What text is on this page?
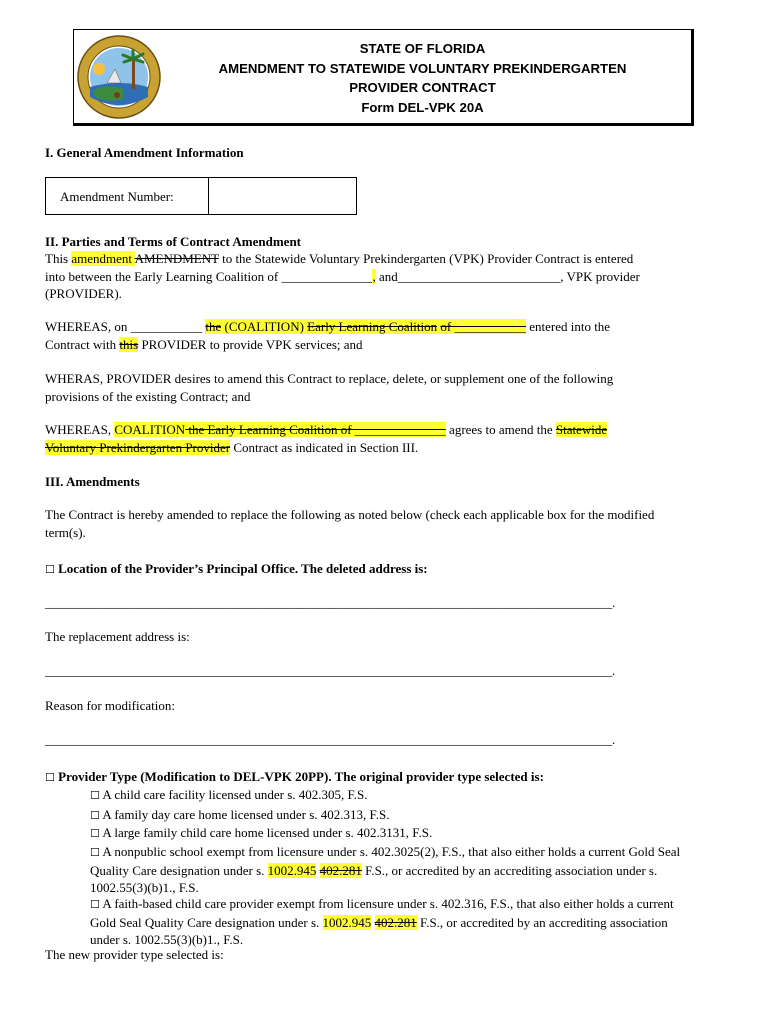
STATE OF FLORIDA
AMENDMENT TO STATEWIDE VOLUNTARY PREKINDERGARTEN
PROVIDER CONTRACT
Form DEL-VPK 20A
I. General Amendment Information
Amendment Number:
II. Parties and Terms of Contract Amendment
This amendment AMENDMENT to the Statewide Voluntary Prekindergarten (VPK) Provider Contract is entered
into between the Early Learning Coalition of ______________, and_________________________, VPK provider
(PROVIDER).
WHEREAS, on ___________ the (COALITION) Early Learning Coalition of ___________ entered into the
Contract with this PROVIDER to provide VPK services; and
WHERAS, PROVIDER desires to amend this Contract to replace, delete, or supplement one of the following
provisions of the existing Contract; and
WHEREAS, COALITION the Early Learning Coalition of ______________ agrees to amend the Statewide
Voluntary Prekindergarten Provider Contract as indicated in Section III.
III. Amendments
The Contract is hereby amended to replace the following as noted below (check each applicable box for the modified
term(s).
☐ Location of the Provider’s Principal Office. The deleted address is:
__________________________________________________________________________________________.
The replacement address is:
__________________________________________________________________________________________.
Reason for modification:
__________________________________________________________________________________________.
☐ Provider Type (Modification to DEL-VPK 20PP). The original provider type selected is:
☐ A child care facility licensed under s. 402.305, F.S.
☐ A family day care home licensed under s. 402.313, F.S.
☐ A large family child care home licensed under s. 402.3131, F.S.
☐ A nonpublic school exempt from licensure under s. 402.3025(2), F.S., that also either holds a current Gold Seal
Quality Care designation under s. 1002.945 402.281 F.S., or accredited by an accrediting association under s.
1002.55(3)(b)1., F.S.
☐ A faith-based child care provider exempt from licensure under s. 402.316, F.S., that also either holds a current
Gold Seal Quality Care designation under s. 1002.945 402.281 F.S., or accredited by an accrediting association
under s. 1002.55(3)(b)1., F.S.
The new provider type selected is:
